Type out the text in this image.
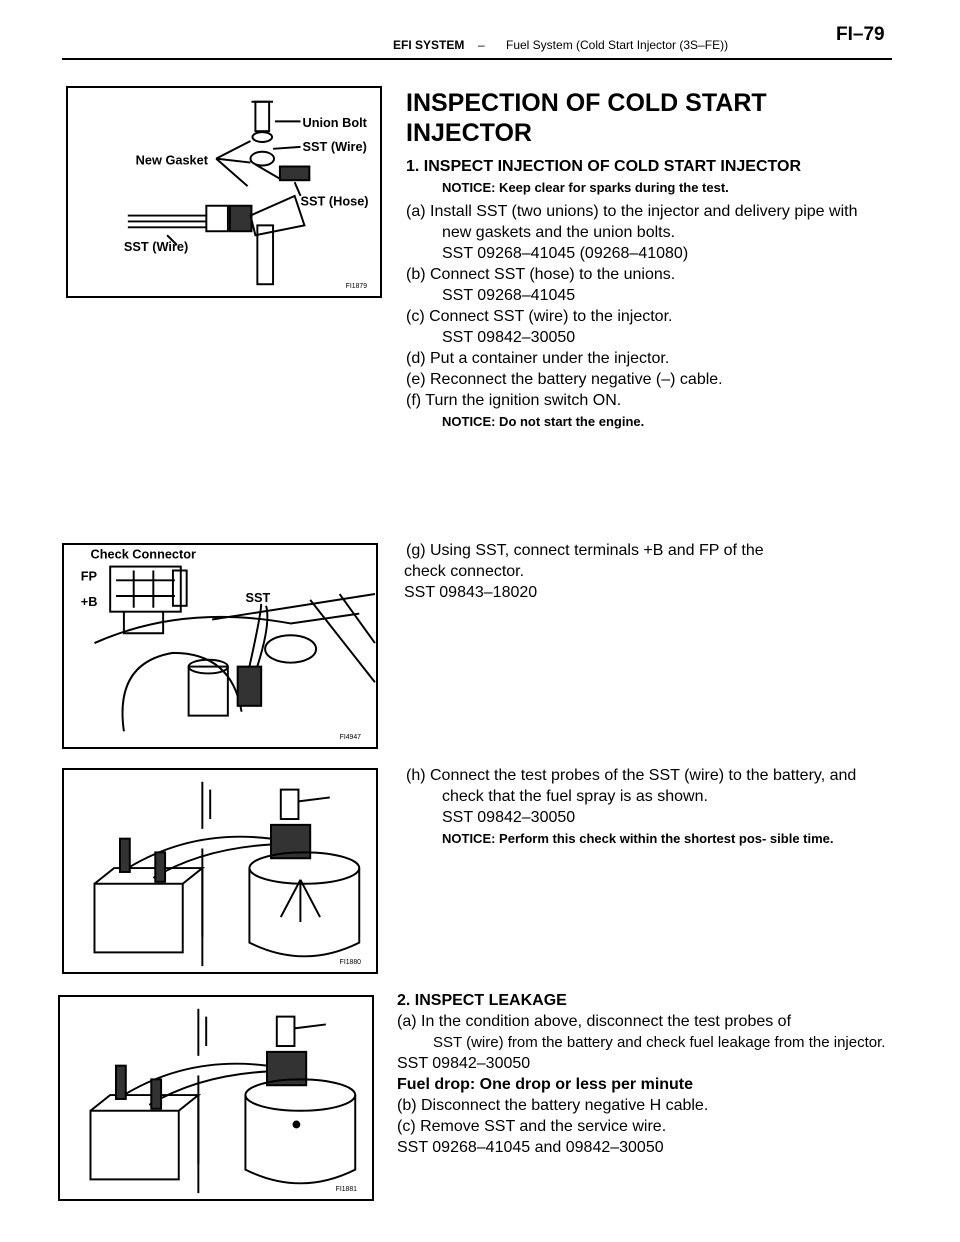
EFI SYSTEM – Fuel System (Cold Start Injector (3S–FE))	FI–79
Union Bolt
SST (Wire)
New Gasket
SST (Hose)
SST (Wire)
FI1879
INSPECTION OF COLD START
INJECTOR
1. INSPECT INJECTION OF COLD START INJECTOR
NOTICE: Keep clear for sparks during the test.
(a) Install SST (two unions) to the injector and delivery pipe with new gaskets and the union bolts.
SST 09268–41045 (09268–41080)
(b) Connect SST (hose) to the unions.
SST 09268–41045
(c) Connect SST (wire) to the injector.
SST 09842–30050
(d) Put a container under the injector.
(e) Reconnect the battery negative (–) cable.
(f) Turn the ignition switch ON.
NOTICE: Do not start the engine.
Check Connector
FP
+B	SST
FI4947
(g) Using SST, connect terminals +B and FP of the
check connector.
SST 09843–18020
FI1880
(h) Connect the test probes of the SST (wire) to the battery, and check that the fuel spray is as shown.
SST 09842–30050
NOTICE: Perform this check within the shortest pos- sible time.
FI1881
2. INSPECT LEAKAGE
(a) In the condition above, disconnect the test probes of
SST (wire) from the battery and check fuel leakage from the injector.
SST 09842–30050
Fuel drop: One drop or less per minute
(b) Disconnect the battery negative H cable.
(c) Remove SST and the service wire.
SST 09268–41045 and 09842–30050
